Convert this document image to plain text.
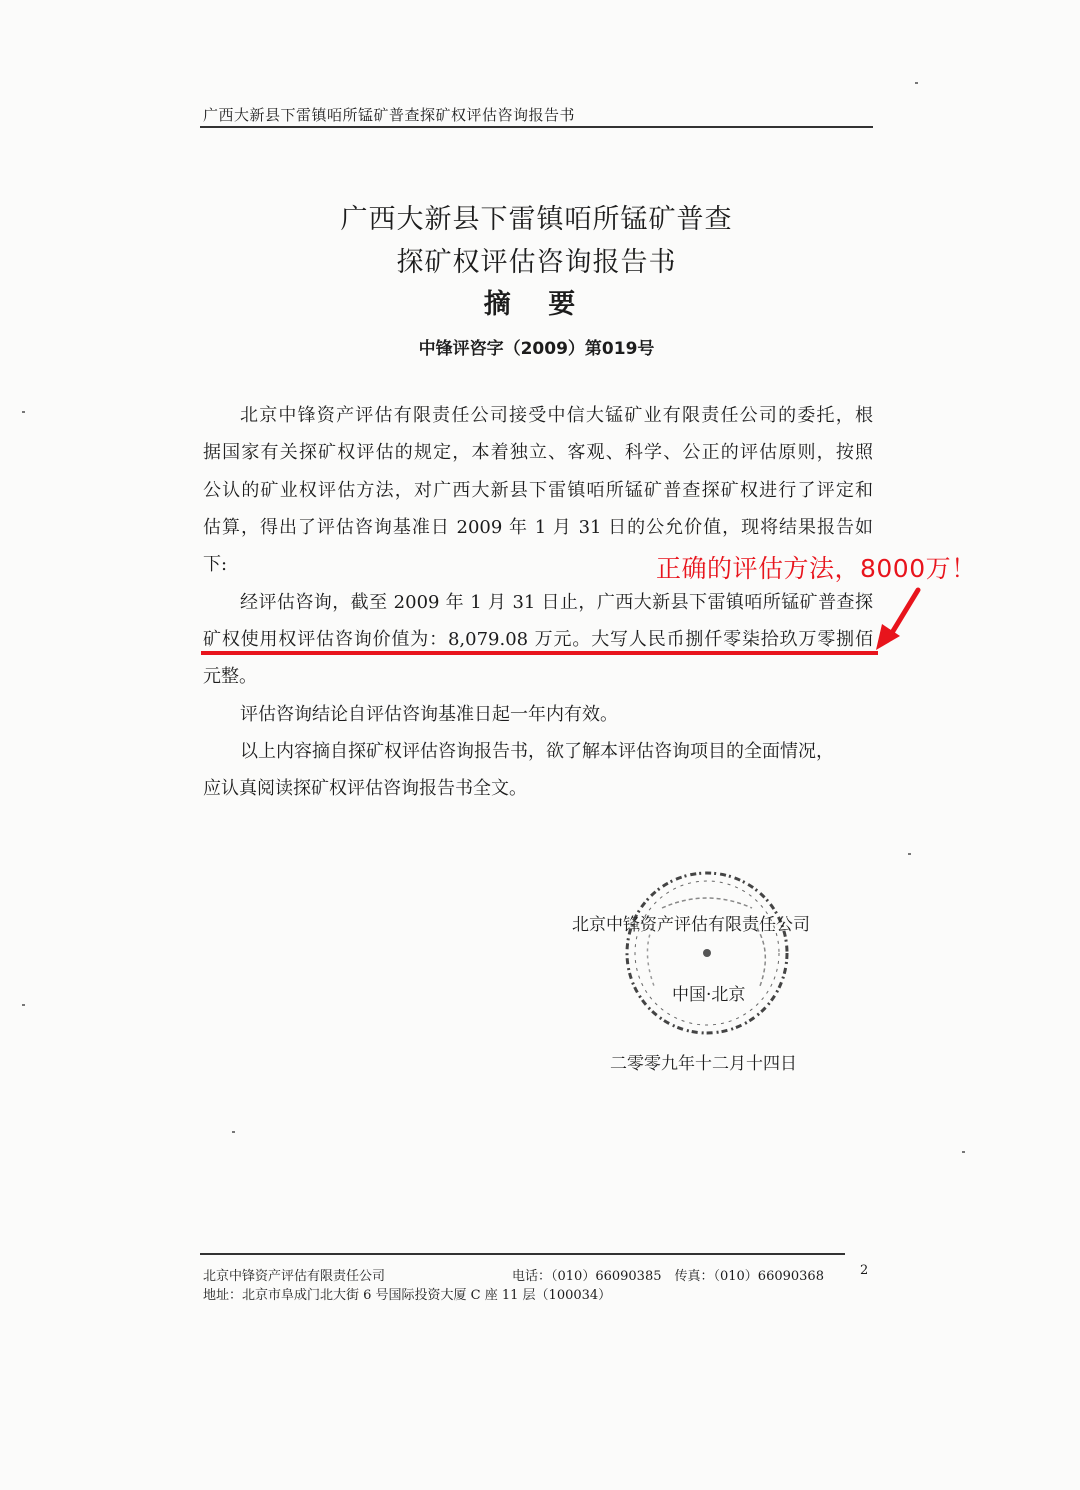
广西大新县下雷镇咟所锰矿普查探矿权评估咨询报告书
广西大新县下雷镇咟所锰矿普查
探矿权评估咨询报告书
摘 要
中锋评咨字（2009）第019号
北京中锋资产评估有限责任公司接受中信大锰矿业有限责任公司的委托，根
据国家有关探矿权评估的规定，本着独立、客观、科学、公正的评估原则，按照
公认的矿业权评估方法，对广西大新县下雷镇咟所锰矿普查探矿权进行了评定和
估算，得出了评估咨询基准日 2009 年 1 月 31 日的公允价值，现将结果报告如
下:
经评估咨询，截至 2009 年 1 月 31 日止，广西大新县下雷镇咟所锰矿普查探
矿权使用权评估咨询价值为：8,079.08 万元。大写人民币捌仟零柒拾玖万零捌佰
元整。
评估咨询结论自评估咨询基准日起一年内有效。
以上内容摘自探矿权评估咨询报告书，欲了解本评估咨询项目的全面情况，
应认真阅读探矿权评估咨询报告书全文。
正确的评估方法，8000万！
北京中锋资产评估有限责任公司
中国·北京
二零零九年十二月十四日
北京中锋资产评估有限责任公司	电话：（010）66090385　传真：（010）66090368
地址：北京市阜成门北大街 6 号国际投资大厦 C 座 11 层（100034）
2
